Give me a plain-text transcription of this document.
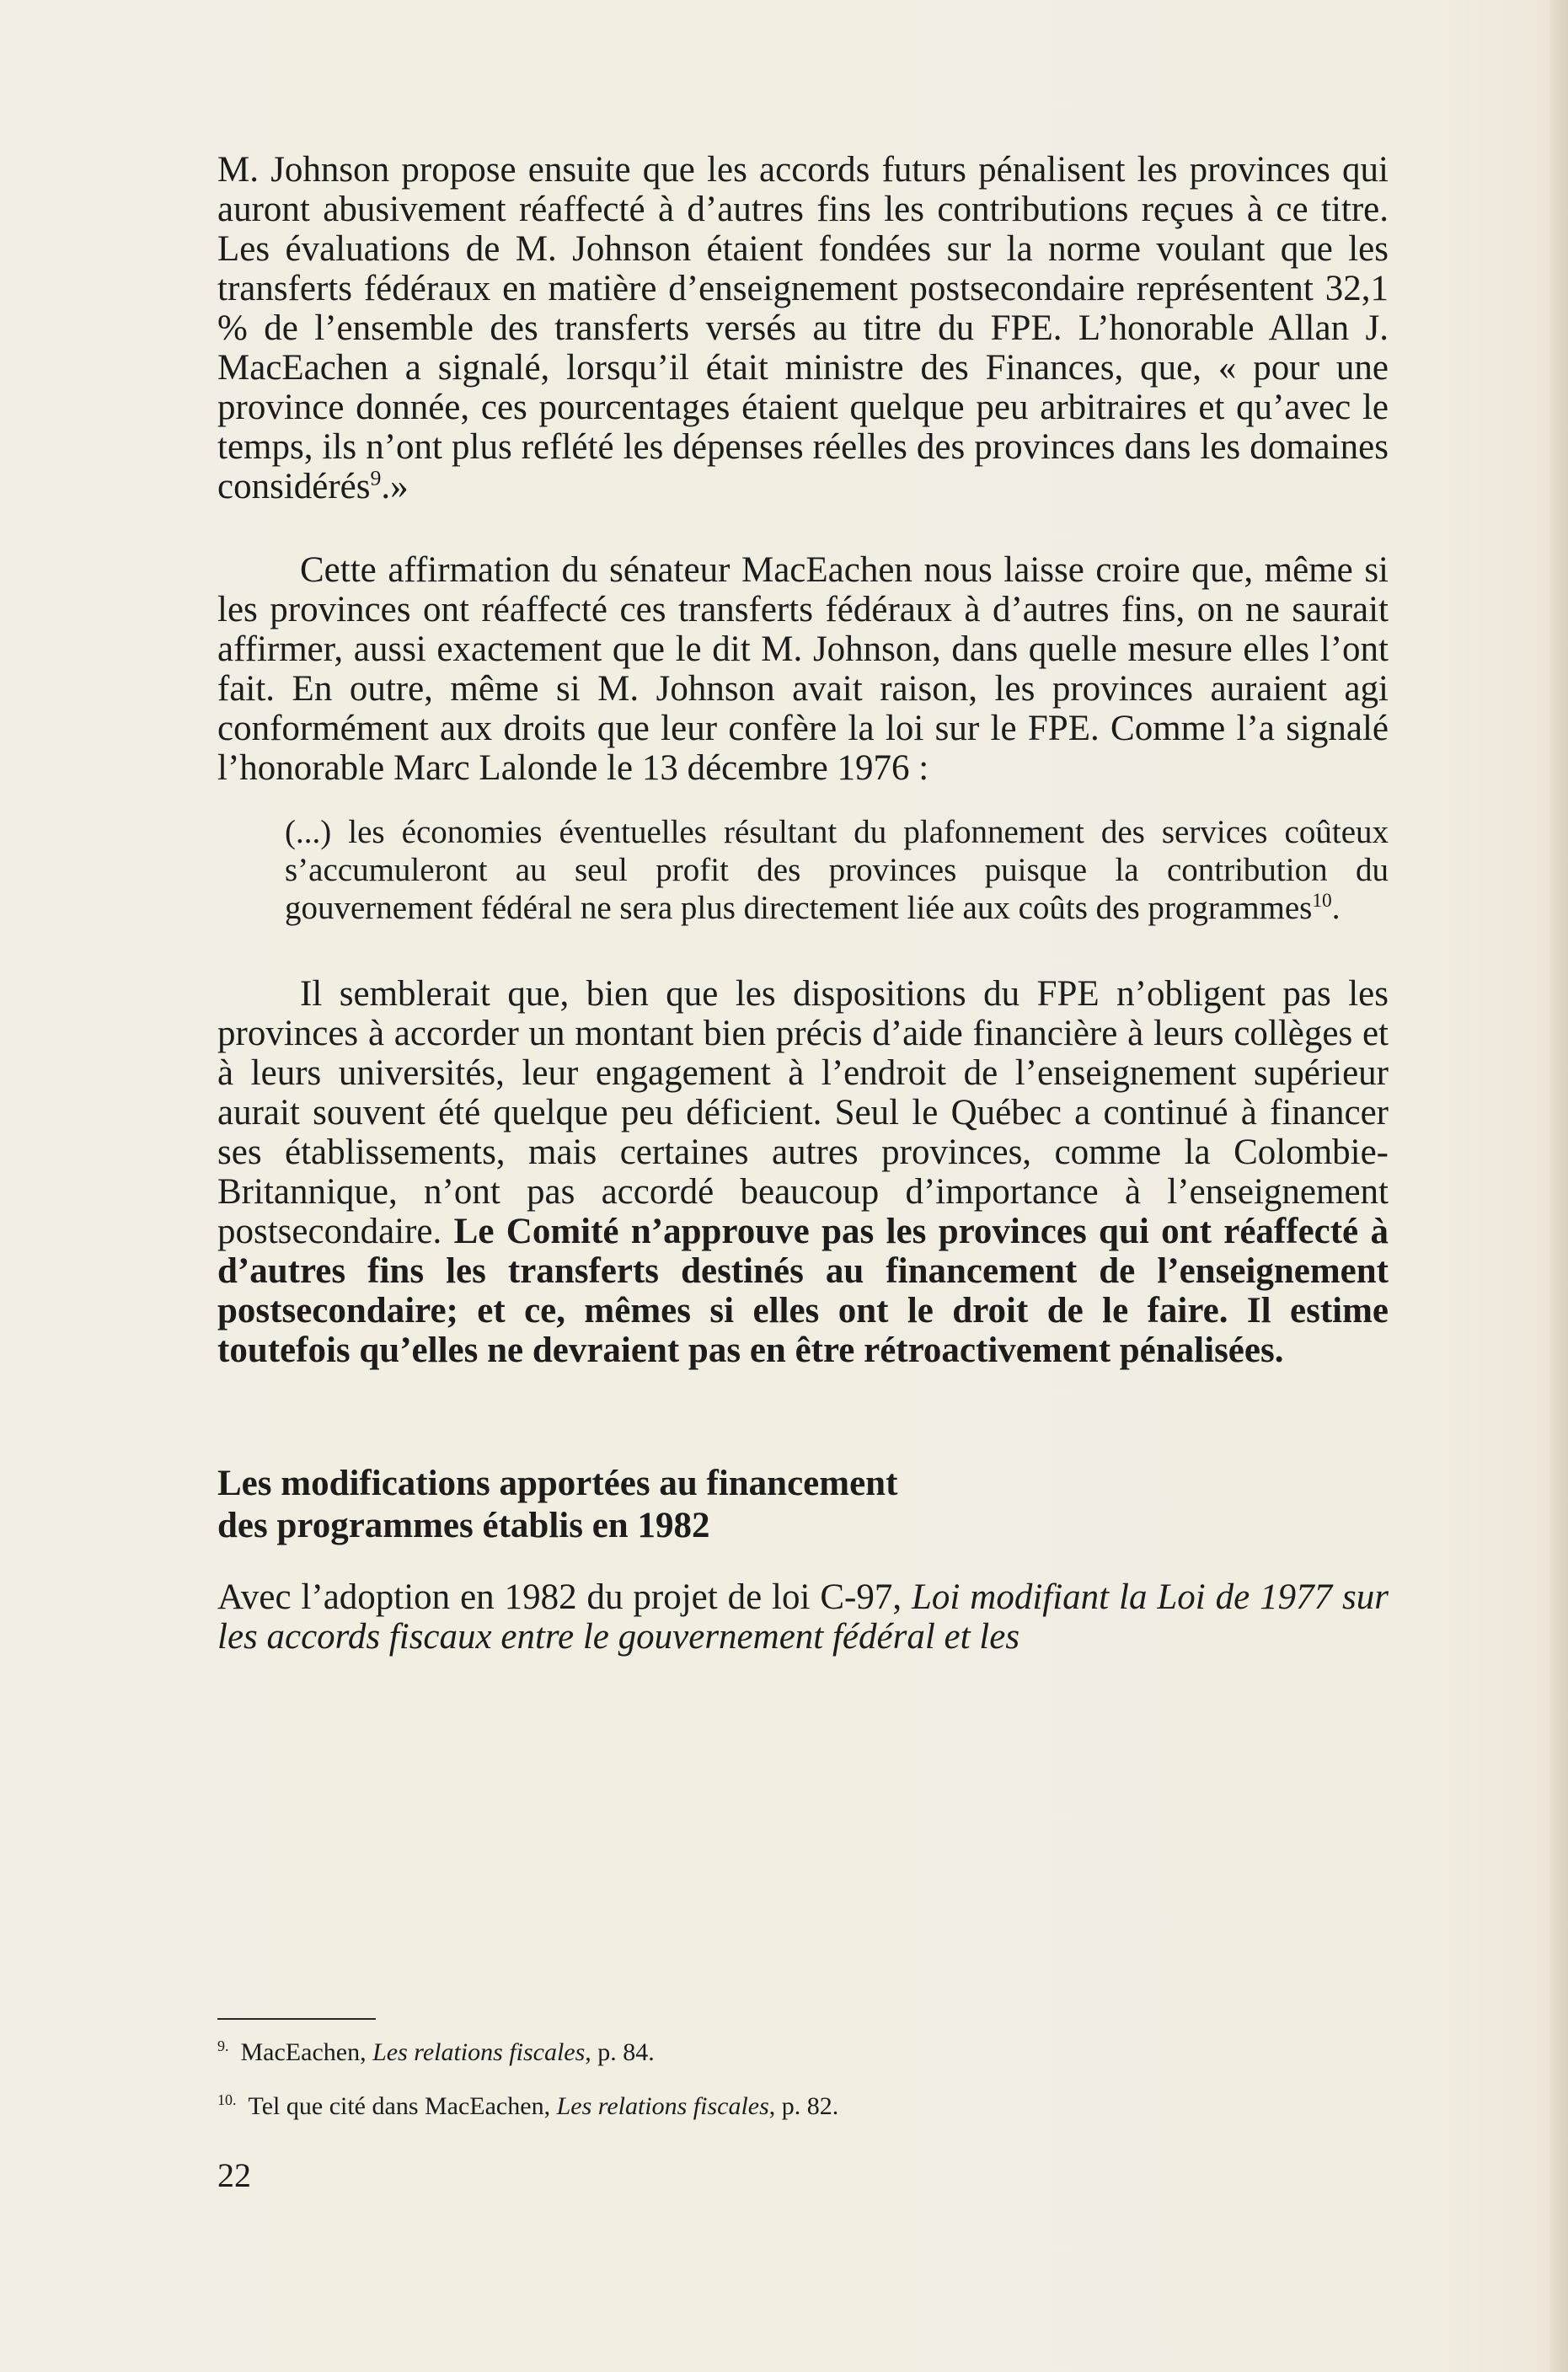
M. Johnson propose ensuite que les accords futurs pénalisent les provinces qui auront abusivement réaffecté à d’autres fins les contributions reçues à ce titre. Les évaluations de M. Johnson étaient fondées sur la norme voulant que les transferts fédéraux en matière d’enseignement postsecondaire représentent 32,1 % de l’ensemble des transferts versés au titre du FPE. L’honorable Allan J. MacEachen a signalé, lorsqu’il était ministre des Finances, que, « pour une province donnée, ces pourcentages étaient quelque peu arbitraires et qu’avec le temps, ils n’ont plus reflété les dépenses réelles des provinces dans les domaines considérés$^9$.»

Cette affirmation du sénateur MacEachen nous laisse croire que, même si les provinces ont réaffecté ces transferts fédéraux à d’autres fins, on ne saurait affirmer, aussi exactement que le dit M. Johnson, dans quelle mesure elles l’ont fait. En outre, même si M. Johnson avait raison, les provinces auraient agi conformément aux droits que leur confère la loi sur le FPE. Comme l’a signalé l’honorable Marc Lalonde le 13 décembre 1976 :

(...) les économies éventuelles résultant du plafonnement des services coûteux s’accumuleront au seul profit des provinces puisque la contribution du gouvernement fédéral ne sera plus directement liée aux coûts des programmes$^{10}$.

Il semblerait que, bien que les dispositions du FPE n’obligent pas les provinces à accorder un montant bien précis d’aide financière à leurs collèges et à leurs universités, leur engagement à l’endroit de l’enseignement supérieur aurait souvent été quelque peu déficient. Seul le Québec a continué à financer ses établissements, mais certaines autres provinces, comme la Colombie-Britannique, n’ont pas accordé beaucoup d’importance à l’enseignement postsecondaire. Le Comité n’approuve pas les provinces qui ont réaffecté à d’autres fins les transferts destinés au financement de l’enseignement postsecondaire; et ce, mêmes si elles ont le droit de le faire. Il estime toutefois qu’elles ne devraient pas en être rétroactivement pénalisées.

Les modifications apportées au financement
des programmes établis en 1982

Avec l’adoption en 1982 du projet de loi C-97, Loi modifiant la Loi de 1977 sur les accords fiscaux entre le gouvernement fédéral et les

$^{9.}$ MacEachen, Les relations fiscales, p. 84.

$^{10.}$ Tel que cité dans MacEachen, Les relations fiscales, p. 82.

22
